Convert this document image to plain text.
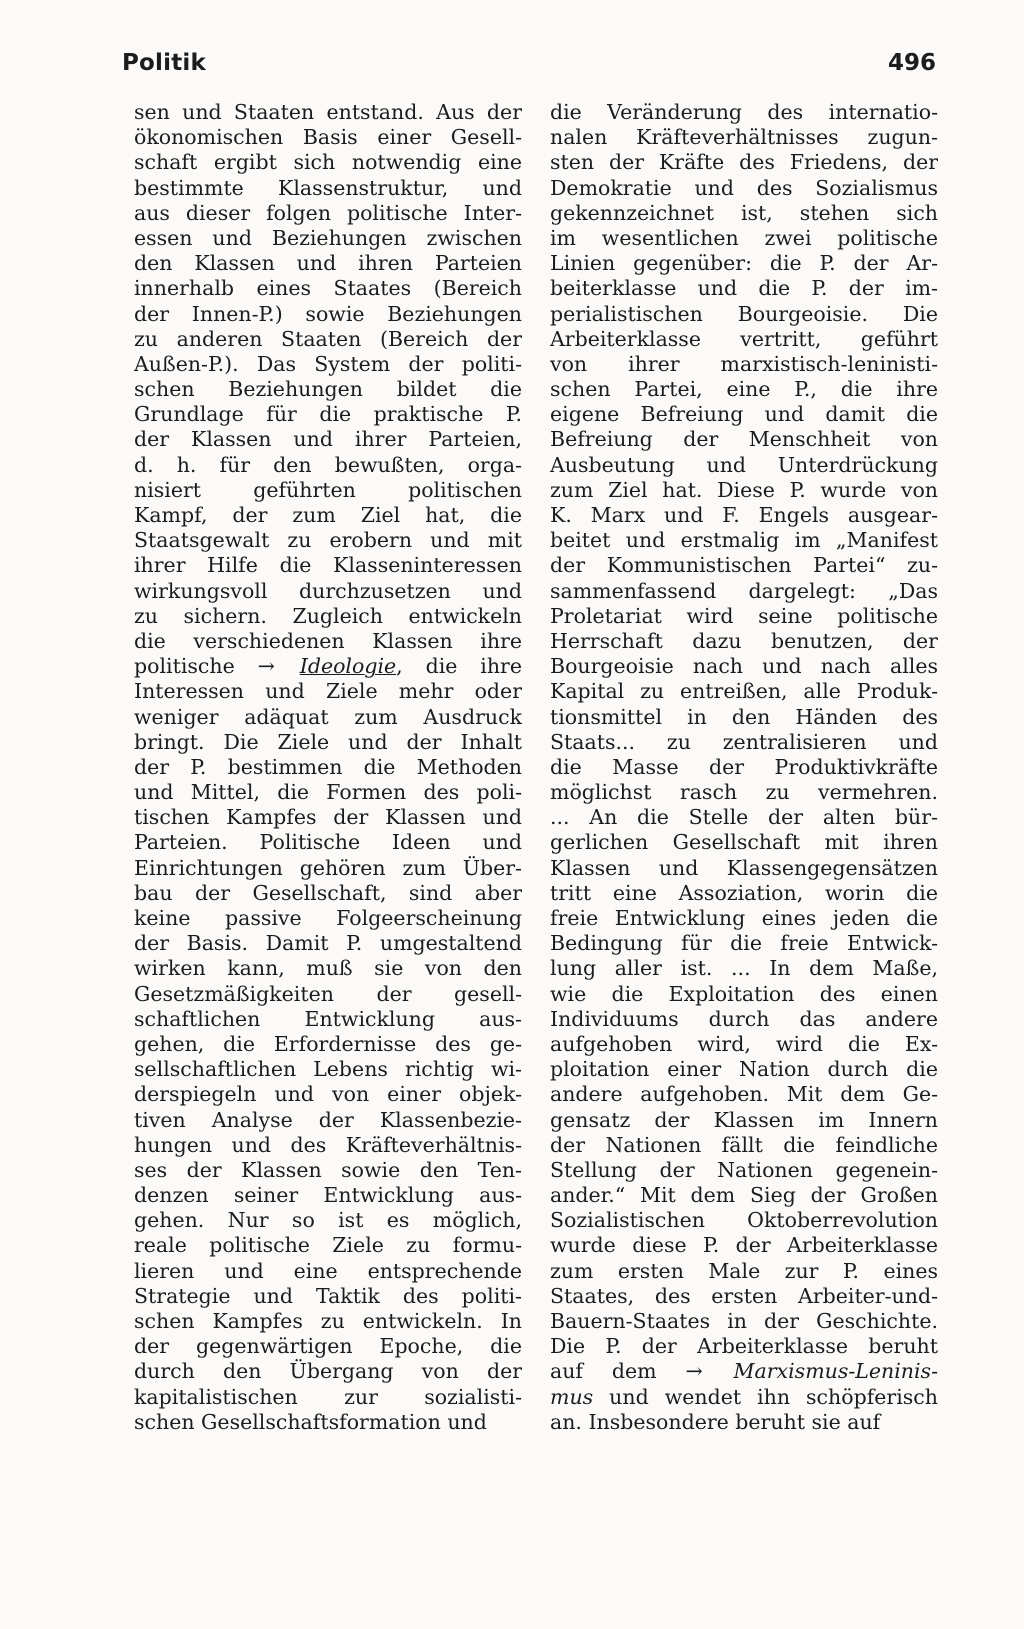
Politik	496
sen und Staaten entstand. Aus der
ökonomischen Basis einer Gesell-
schaft ergibt sich notwendig eine
bestimmte Klassenstruktur, und
aus dieser folgen politische Inter-
essen und Beziehungen zwischen
den Klassen und ihren Parteien
innerhalb eines Staates (Bereich
der Innen-P.) sowie Beziehungen
zu anderen Staaten (Bereich der
Außen-P.). Das System der politi-
schen Beziehungen bildet die
Grundlage für die praktische P.
der Klassen und ihrer Parteien,
d. h. für den bewußten, orga-
nisiert geführten politischen
Kampf, der zum Ziel hat, die
Staatsgewalt zu erobern und mit
ihrer Hilfe die Klasseninteressen
wirkungsvoll durchzusetzen und
zu sichern. Zugleich entwickeln
die verschiedenen Klassen ihre
politische → Ideologie, die ihre
Interessen und Ziele mehr oder
weniger adäquat zum Ausdruck
bringt. Die Ziele und der Inhalt
der P. bestimmen die Methoden
und Mittel, die Formen des poli-
tischen Kampfes der Klassen und
Parteien. Politische Ideen und
Einrichtungen gehören zum Über-
bau der Gesellschaft, sind aber
keine passive Folgeerscheinung
der Basis. Damit P. umgestaltend
wirken kann, muß sie von den
Gesetzmäßigkeiten der gesell-
schaftlichen Entwicklung aus-
gehen, die Erfordernisse des ge-
sellschaftlichen Lebens richtig wi-
derspiegeln und von einer objek-
tiven Analyse der Klassenbezie-
hungen und des Kräfteverhältnis-
ses der Klassen sowie den Ten-
denzen seiner Entwicklung aus-
gehen. Nur so ist es möglich,
reale politische Ziele zu formu-
lieren und eine entsprechende
Strategie und Taktik des politi-
schen Kampfes zu entwickeln. In
der gegenwärtigen Epoche, die
durch den Übergang von der
kapitalistischen zur sozialisti-
schen Gesellschaftsformation und
die Veränderung des internatio-
nalen Kräfteverhältnisses zugun-
sten der Kräfte des Friedens, der
Demokratie und des Sozialismus
gekennzeichnet ist, stehen sich
im wesentlichen zwei politische
Linien gegenüber: die P. der Ar-
beiterklasse und die P. der im-
perialistischen Bourgeoisie. Die
Arbeiterklasse vertritt, geführt
von ihrer marxistisch-leninisti-
schen Partei, eine P., die ihre
eigene Befreiung und damit die
Befreiung der Menschheit von
Ausbeutung und Unterdrückung
zum Ziel hat. Diese P. wurde von
K. Marx und F. Engels ausgear-
beitet und erstmalig im „Manifest
der Kommunistischen Partei“ zu-
sammenfassend dargelegt: „Das
Proletariat wird seine politische
Herrschaft dazu benutzen, der
Bourgeoisie nach und nach alles
Kapital zu entreißen, alle Produk-
tionsmittel in den Händen des
Staats... zu zentralisieren und
die Masse der Produktivkräfte
möglichst rasch zu vermehren.
... An die Stelle der alten bür-
gerlichen Gesellschaft mit ihren
Klassen und Klassengegensätzen
tritt eine Assoziation, worin die
freie Entwicklung eines jeden die
Bedingung für die freie Entwick-
lung aller ist. ... In dem Maße,
wie die Exploitation des einen
Individuums durch das andere
aufgehoben wird, wird die Ex-
ploitation einer Nation durch die
andere aufgehoben. Mit dem Ge-
gensatz der Klassen im Innern
der Nationen fällt die feindliche
Stellung der Nationen gegenein-
ander.“ Mit dem Sieg der Großen
Sozialistischen Oktoberrevolution
wurde diese P. der Arbeiterklasse
zum ersten Male zur P. eines
Staates, des ersten Arbeiter-und-
Bauern-Staates in der Geschichte.
Die P. der Arbeiterklasse beruht
auf dem → Marxismus-Leninis-
mus und wendet ihn schöpferisch
an. Insbesondere beruht sie auf
